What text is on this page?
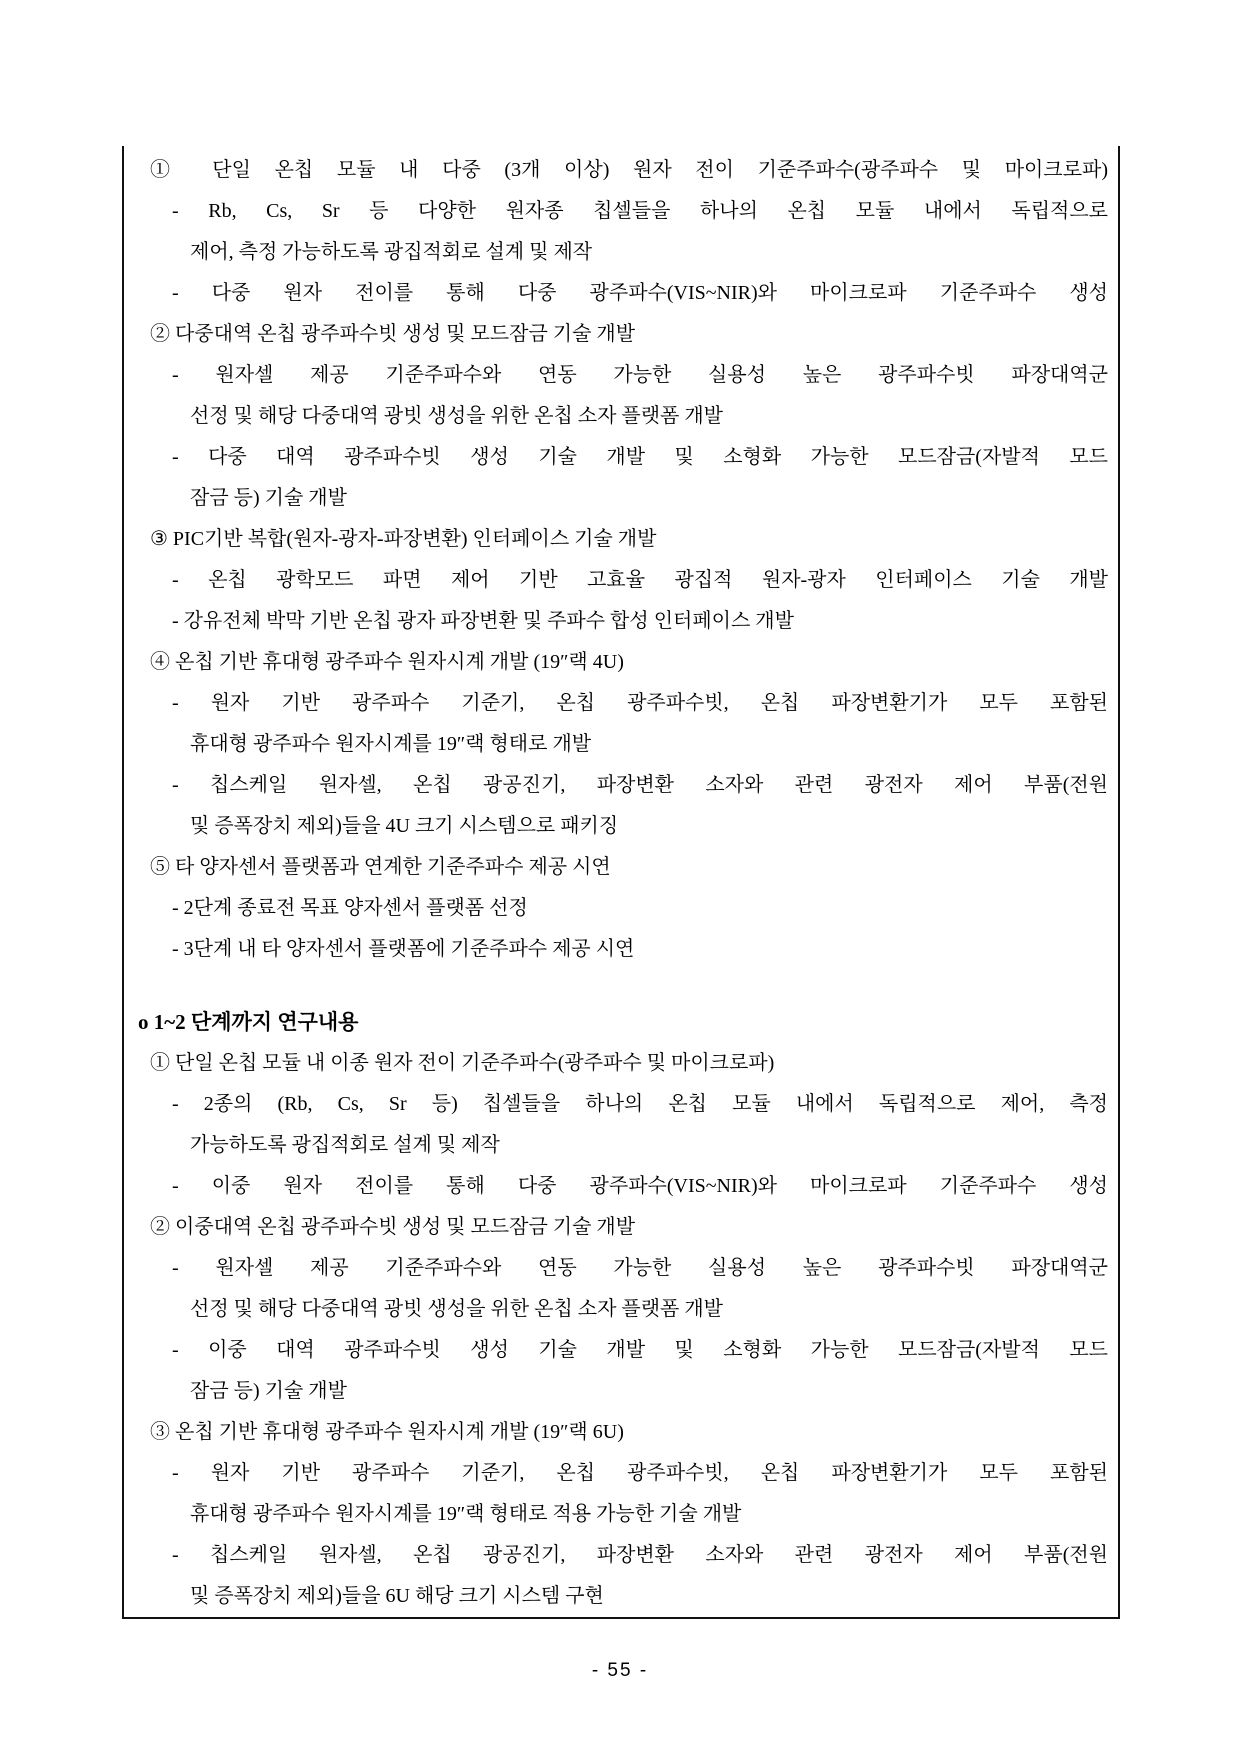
① 단일 온칩 모듈 내 다중 (3개 이상) 원자 전이 기준주파수(광주파수 및 마이크로파)
- Rb, Cs, Sr 등 다양한 원자종 칩셀들을 하나의 온칩 모듈 내에서 독립적으로
제어, 측정 가능하도록 광집적회로 설계 및 제작
- 다중 원자 전이를 통해 다중 광주파수(VIS~NIR)와 마이크로파 기준주파수 생성
② 다중대역 온칩 광주파수빗 생성 및 모드잠금 기술 개발
- 원자셀 제공 기준주파수와 연동 가능한 실용성 높은 광주파수빗 파장대역군
선정 및 해당 다중대역 광빗 생성을 위한 온칩 소자 플랫폼 개발
- 다중 대역 광주파수빗 생성 기술 개발 및 소형화 가능한 모드잠금(자발적 모드
잠금 등) 기술 개발
③ PIC기반 복합(원자-광자-파장변환) 인터페이스 기술 개발
- 온칩 광학모드 파면 제어 기반 고효율 광집적 원자-광자 인터페이스 기술 개발
- 강유전체 박막 기반 온칩 광자 파장변환 및 주파수 합성 인터페이스 개발
④ 온칩 기반 휴대형 광주파수 원자시계 개발 (19″랙 4U)
- 원자 기반 광주파수 기준기, 온칩 광주파수빗, 온칩 파장변환기가 모두 포함된
휴대형 광주파수 원자시계를 19″랙 형태로 개발
- 칩스케일 원자셀, 온칩 광공진기, 파장변환 소자와 관련 광전자 제어 부품(전원
및 증폭장치 제외)들을 4U 크기 시스템으로 패키징
⑤ 타 양자센서 플랫폼과 연계한 기준주파수 제공 시연
- 2단계 종료전 목표 양자센서 플랫폼 선정
- 3단계 내 타 양자센서 플랫폼에 기준주파수 제공 시연
o 1~2 단계까지 연구내용
① 단일 온칩 모듈 내 이종 원자 전이 기준주파수(광주파수 및 마이크로파)
- 2종의 (Rb, Cs, Sr 등) 칩셀들을 하나의 온칩 모듈 내에서 독립적으로 제어, 측정
가능하도록 광집적회로 설계 및 제작
- 이중 원자 전이를 통해 다중 광주파수(VIS~NIR)와 마이크로파 기준주파수 생성
② 이중대역 온칩 광주파수빗 생성 및 모드잠금 기술 개발
- 원자셀 제공 기준주파수와 연동 가능한 실용성 높은 광주파수빗 파장대역군
선정 및 해당 다중대역 광빗 생성을 위한 온칩 소자 플랫폼 개발
- 이중 대역 광주파수빗 생성 기술 개발 및 소형화 가능한 모드잠금(자발적 모드
잠금 등) 기술 개발
③ 온칩 기반 휴대형 광주파수 원자시계 개발 (19″랙 6U)
- 원자 기반 광주파수 기준기, 온칩 광주파수빗, 온칩 파장변환기가 모두 포함된
휴대형 광주파수 원자시계를 19″랙 형태로 적용 가능한 기술 개발
- 칩스케일 원자셀, 온칩 광공진기, 파장변환 소자와 관련 광전자 제어 부품(전원
및 증폭장치 제외)들을 6U 해당 크기 시스템 구현
- 55 -
